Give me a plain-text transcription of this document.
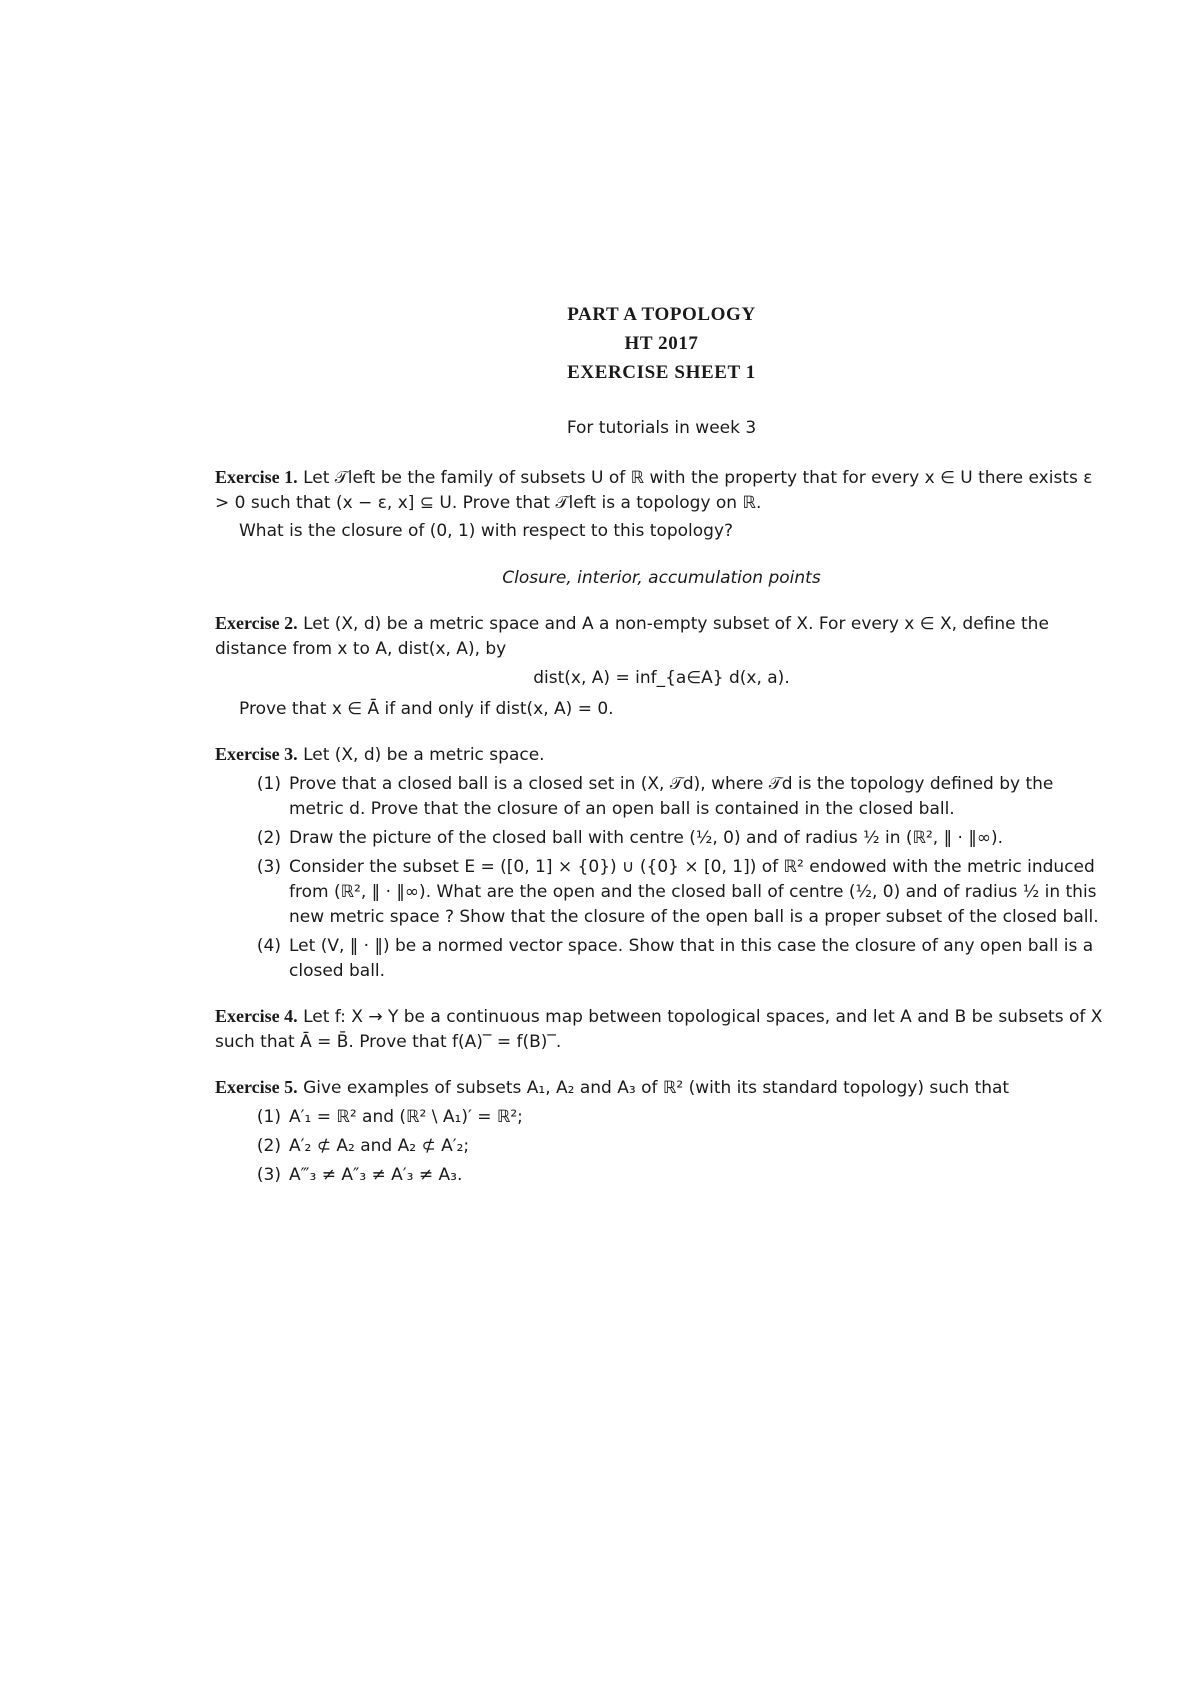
PART A TOPOLOGY
HT 2017
EXERCISE SHEET 1
For tutorials in week 3
Exercise 1. Let 𝒯left be the family of subsets U of ℝ with the property that for every x ∈ U there exists ε > 0 such that (x − ε, x] ⊆ U. Prove that 𝒯left is a topology on ℝ.
What is the closure of (0, 1) with respect to this topology?
Closure, interior, accumulation points
Exercise 2. Let (X, d) be a metric space and A a non-empty subset of X. For every x ∈ X, define the distance from x to A, dist(x, A), by
dist(x, A) = inf_{a∈A} d(x, a).
Prove that x ∈ Ā if and only if dist(x, A) = 0.
Exercise 3. Let (X, d) be a metric space.
(1) Prove that a closed ball is a closed set in (X, 𝒯d), where 𝒯d is the topology defined by the metric d. Prove that the closure of an open ball is contained in the closed ball.
(2) Draw the picture of the closed ball with centre (½, 0) and of radius ½ in (ℝ², ‖ · ‖∞).
(3) Consider the subset E = ([0, 1] × {0}) ∪ ({0} × [0, 1]) of ℝ² endowed with the metric induced from (ℝ², ‖ · ‖∞). What are the open and the closed ball of centre (½, 0) and of radius ½ in this new metric space ? Show that the closure of the open ball is a proper subset of the closed ball.
(4) Let (V, ‖ · ‖) be a normed vector space. Show that in this case the closure of any open ball is a closed ball.
Exercise 4. Let f: X → Y be a continuous map between topological spaces, and let A and B be subsets of X such that Ā = B̄. Prove that f(A)‾ = f(B)‾.
Exercise 5. Give examples of subsets A₁, A₂ and A₃ of ℝ² (with its standard topology) such that
(1) A′₁ = ℝ² and (ℝ² \ A₁)′ = ℝ²;
(2) A′₂ ⊄ A₂ and A₂ ⊄ A′₂;
(3) A‴₃ ≠ A″₃ ≠ A′₃ ≠ A₃.
